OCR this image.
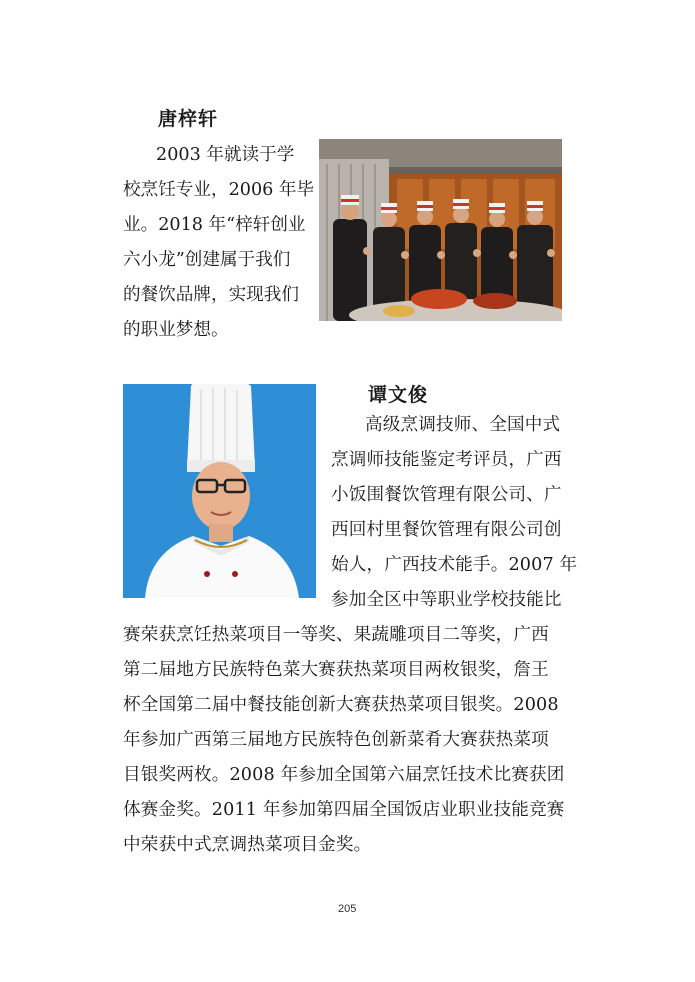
唐梓轩
2003 年就读于学
校烹饪专业，2006 年毕
业。2018 年“梓轩创业
六小龙”创建属于我们
的餐饮品牌，实现我们
的职业梦想。
谭文俊
高级烹调技师、全国中式
烹调师技能鉴定考评员，广西
小饭围餐饮管理有限公司、广
西回村里餐饮管理有限公司创
始人，广西技术能手。2007 年
参加全区中等职业学校技能比
赛荣获烹饪热菜项目一等奖、果蔬雕项目二等奖，广西
第二届地方民族特色菜大赛获热菜项目两枚银奖，詹王
杯全国第二届中餐技能创新大赛获热菜项目银奖。2008
年参加广西第三届地方民族特色创新菜肴大赛获热菜项
目银奖两枚。2008 年参加全国第六届烹饪技术比赛获团
体赛金奖。2011 年参加第四届全国饭店业职业技能竞赛
中荣获中式烹调热菜项目金奖。
205
